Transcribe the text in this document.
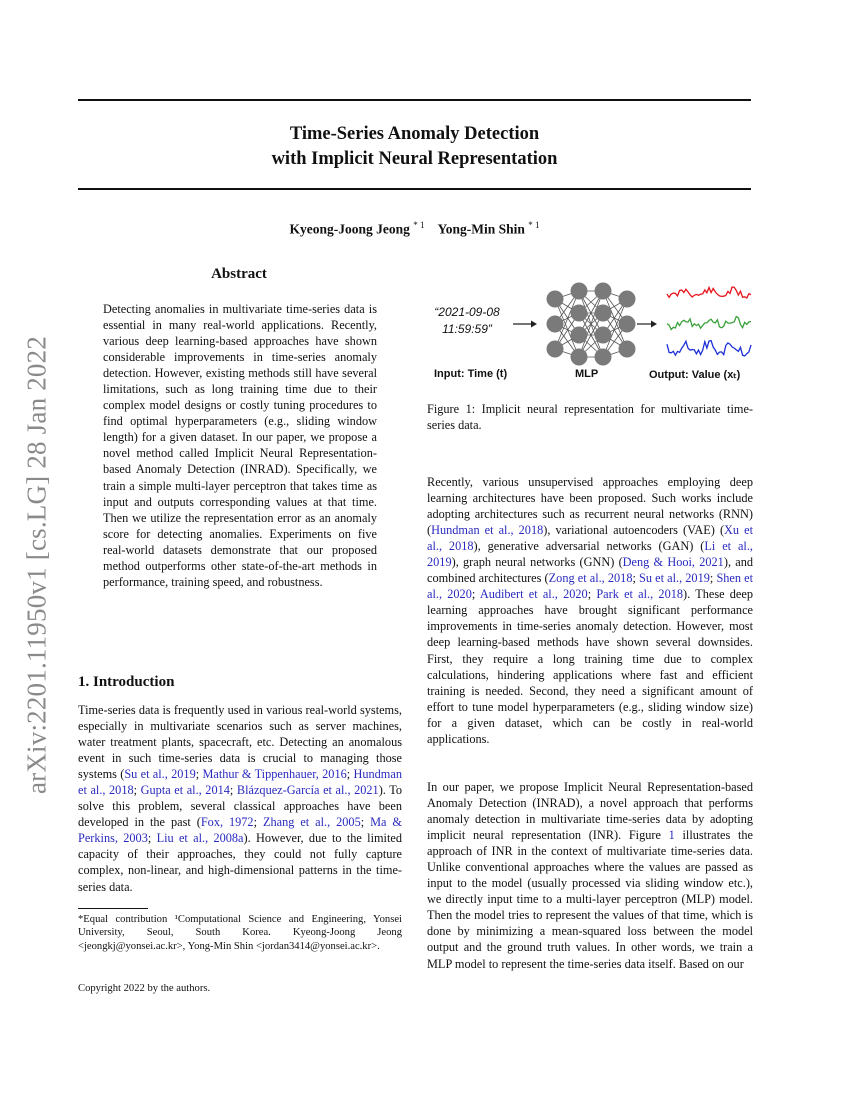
arXiv:2201.11950v1 [cs.LG] 28 Jan 2022
Time-Series Anomaly Detection
with Implicit Neural Representation
Kyeong-Joong Jeong $^{* 1}$ Yong-Min Shin $^{* 1}$
Abstract
Detecting anomalies in multivariate time-series data is essential in many real-world applications. Recently, various deep learning-based approaches have shown considerable improvements in time-series anomaly detection. However, existing methods still have several limitations, such as long training time due to their complex model designs or costly tuning procedures to find optimal hyperparameters (e.g., sliding window length) for a given dataset. In our paper, we propose a novel method called Implicit Neural Representation-based Anomaly Detection (INRAD). Specifically, we train a simple multi-layer perceptron that takes time as input and outputs corresponding values at that time. Then we utilize the representation error as an anomaly score for detecting anomalies. Experiments on five real-world datasets demonstrate that our proposed method outperforms other state-of-the-art methods in performance, training speed, and robustness.
1. Introduction
Time-series data is frequently used in various real-world systems, especially in multivariate scenarios such as server machines, water treatment plants, spacecraft, etc. Detecting an anomalous event in such time-series data is crucial to managing those systems (Su et al., 2019; Mathur & Tippenhauer, 2016; Hundman et al., 2018; Gupta et al., 2014; Blázquez-García et al., 2021). To solve this problem, several classical approaches have been developed in the past (Fox, 1972; Zhang et al., 2005; Ma & Perkins, 2003; Liu et al., 2008a). However, due to the limited capacity of their approaches, they could not fully capture complex, non-linear, and high-dimensional patterns in the time-series data.
*Equal contribution ¹Computational Science and Engineering, Yonsei University, Seoul, South Korea. Kyeong-Joong Jeong <jeongkj@yonsei.ac.kr>, Yong-Min Shin <jordan3414@yonsei.ac.kr>.
Copyright 2022 by the authors.
“2021-09-08 11:59:59”
Input: Time (t)	MLP	Output: Value (xₜ)
Figure 1: Implicit neural representation for multivariate time-series data.
Recently, various unsupervised approaches employing deep learning architectures have been proposed. Such works include adopting architectures such as recurrent neural networks (RNN) (Hundman et al., 2018), variational autoencoders (VAE) (Xu et al., 2018), generative adversarial networks (GAN) (Li et al., 2019), graph neural networks (GNN) (Deng & Hooi, 2021), and combined architectures (Zong et al., 2018; Su et al., 2019; Shen et al., 2020; Audibert et al., 2020; Park et al., 2018). These deep learning approaches have brought significant performance improvements in time-series anomaly detection. However, most deep learning-based methods have shown several downsides. First, they require a long training time due to complex calculations, hindering applications where fast and efficient training is needed. Second, they need a significant amount of effort to tune model hyperparameters (e.g., sliding window size) for a given dataset, which can be costly in real-world applications.
In our paper, we propose Implicit Neural Representation-based Anomaly Detection (INRAD), a novel approach that performs anomaly detection in multivariate time-series data by adopting implicit neural representation (INR). Figure 1 illustrates the approach of INR in the context of multivariate time-series data. Unlike conventional approaches where the values are passed as input to the model (usually processed via sliding window etc.), we directly input time to a multi-layer perceptron (MLP) model. Then the model tries to represent the values of that time, which is done by minimizing a mean-squared loss between the model output and the ground truth values. In other words, we train a MLP model to represent the time-series data itself. Based on our
